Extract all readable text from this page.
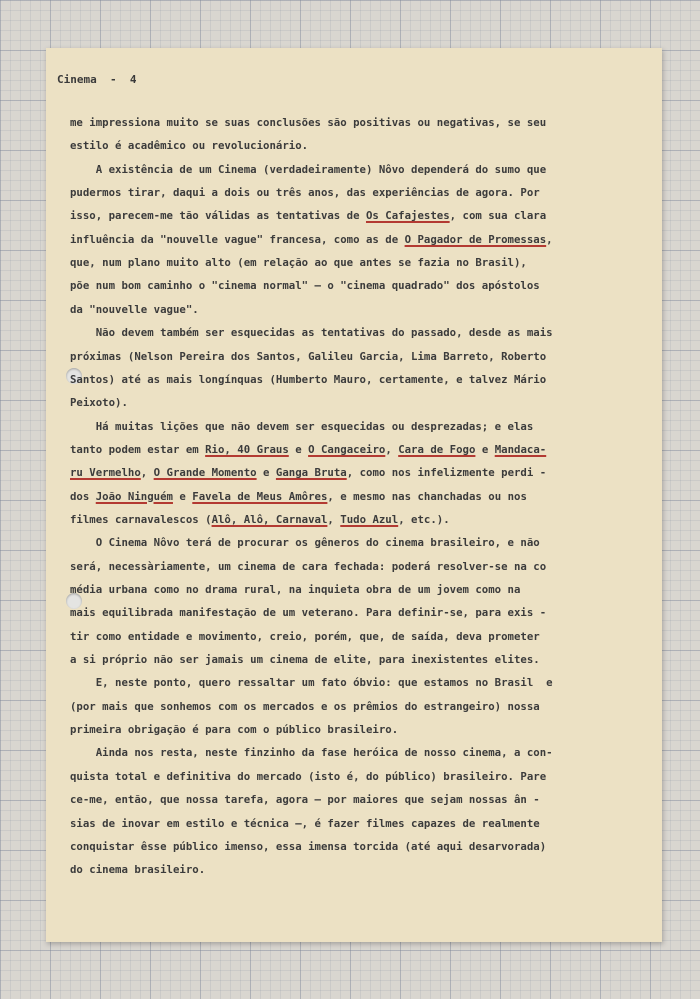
Cinema  -  4
me impressiona muito se suas conclusões são positivas ou negativas, se seu
estilo é acadêmico ou revolucionário.
A existência de um Cinema (verdadeiramente) Nôvo dependerá do sumo que
pudermos tirar, daqui a dois ou três anos, das experiências de agora. Por
isso, parecem-me tão válidas as tentativas de Os Cafajestes, com sua clara
influência da "nouvelle vague" francesa, como as de O Pagador de Promessas,
que, num plano muito alto (em relação ao que antes se fazia no Brasil),
põe num bom caminho o "cinema normal" — o "cinema quadrado" dos apóstolos
da "nouvelle vague".
Não devem também ser esquecidas as tentativas do passado, desde as mais
próximas (Nelson Pereira dos Santos, Galileu Garcia, Lima Barreto, Roberto
Santos) até as mais longínquas (Humberto Mauro, certamente, e talvez Mário
Peixoto).
Há muitas lições que não devem ser esquecidas ou desprezadas; e elas
tanto podem estar em Rio, 40 Graus e O Cangaceiro, Cara de Fogo e Mandaca-
ru Vermelho, O Grande Momento e Ganga Bruta, como nos infelizmente perdi -
dos João Ninguém e Favela de Meus Amôres, e mesmo nas chanchadas ou nos
filmes carnavalescos (Alô, Alô, Carnaval, Tudo Azul, etc.).
O Cinema Nôvo terá de procurar os gêneros do cinema brasileiro, e não
será, necessàriamente, um cinema de cara fechada: poderá resolver-se na co
média urbana como no drama rural, na inquieta obra de um jovem como na
mais equilibrada manifestação de um veterano. Para definir-se, para exis -
tir como entidade e movimento, creio, porém, que, de saída, deva prometer
a si próprio não ser jamais um cinema de elite, para inexistentes elites.
E, neste ponto, quero ressaltar um fato óbvio: que estamos no Brasil  e
(por mais que sonhemos com os mercados e os prêmios do estrangeiro) nossa
primeira obrigação é para com o público brasileiro.
Ainda nos resta, neste finzinho da fase heróica de nosso cinema, a con-
quista total e definitiva do mercado (isto é, do público) brasileiro. Pare
ce-me, então, que nossa tarefa, agora — por maiores que sejam nossas ân -
sias de inovar em estilo e técnica —, é fazer filmes capazes de realmente
conquistar êsse público imenso, essa imensa torcida (até aqui desarvorada)
do cinema brasileiro.
